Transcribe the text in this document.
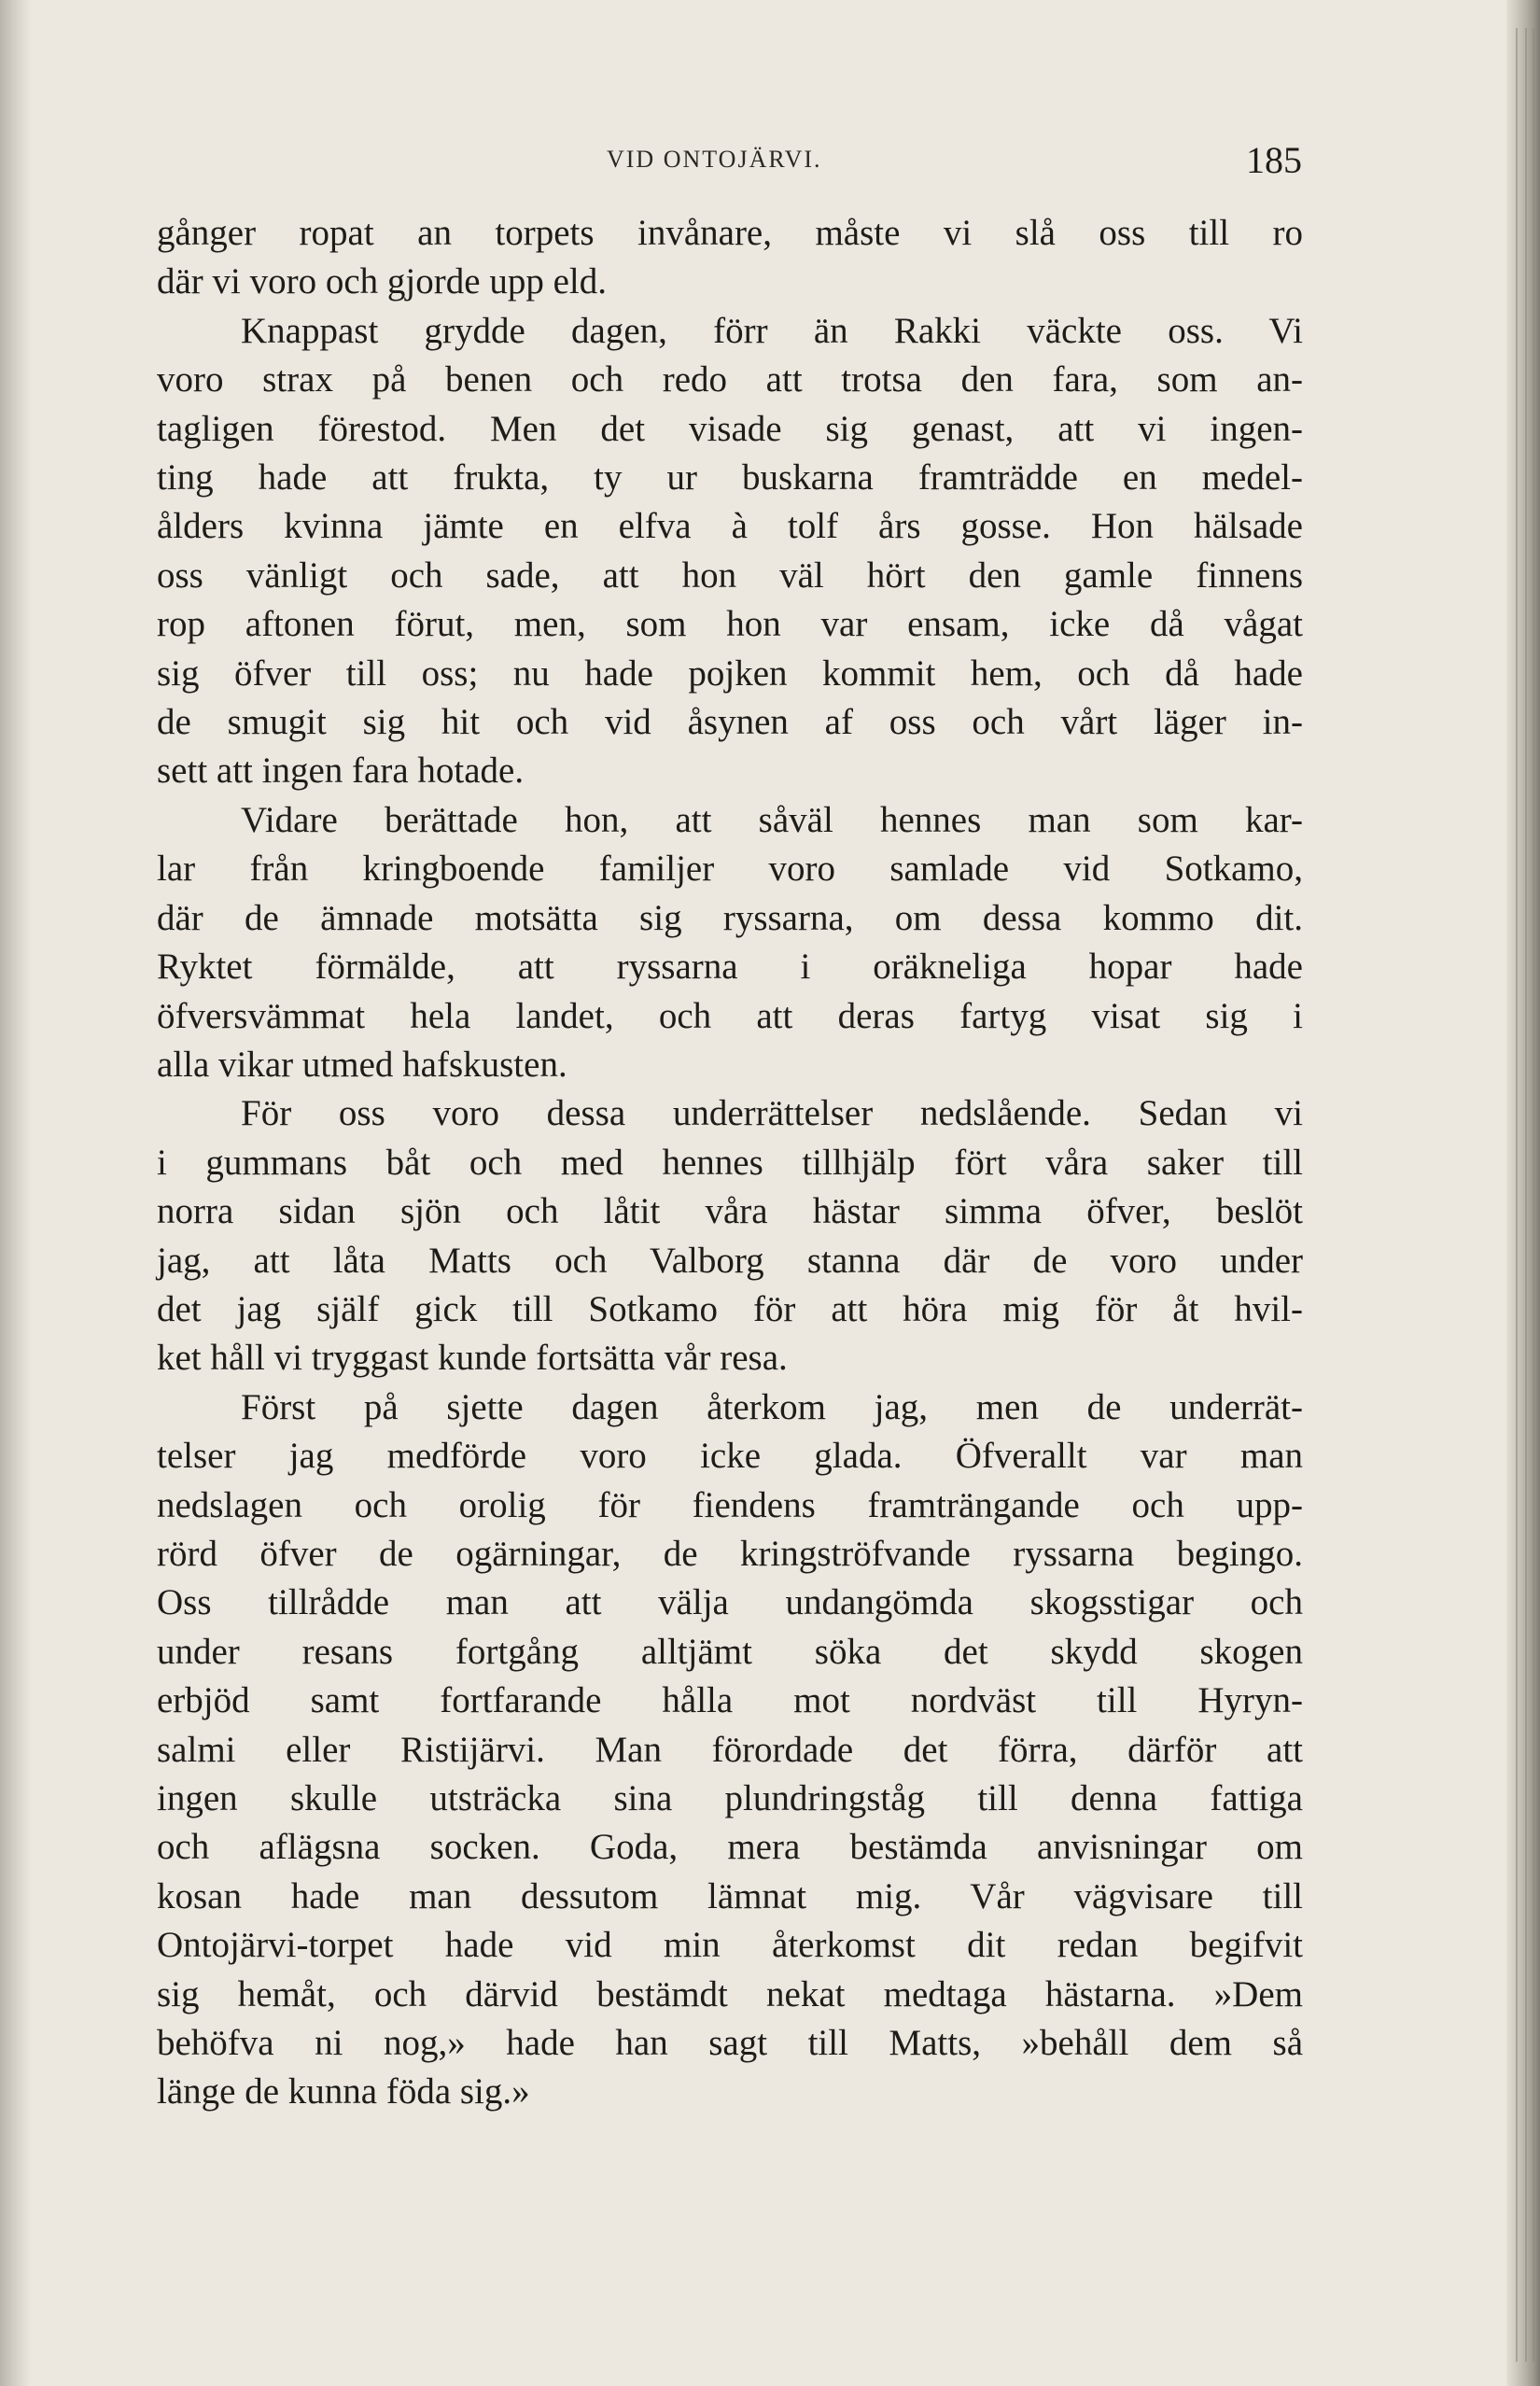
VID ONTOJÄRVI.	185

gånger ropat an torpets invånare, måste vi slå oss till ro

där vi voro och gjorde upp eld.

Knappast grydde dagen, förr än Rakki väckte oss. Vi

voro strax på benen och redo att trotsa den fara, som an-

tagligen förestod. Men det visade sig genast, att vi ingen-

ting hade att frukta, ty ur buskarna framträdde en medel-

ålders kvinna jämte en elfva à tolf års gosse. Hon hälsade

oss vänligt och sade, att hon väl hört den gamle finnens

rop aftonen förut, men, som hon var ensam, icke då vågat

sig öfver till oss; nu hade pojken kommit hem, och då hade

de smugit sig hit och vid åsynen af oss och vårt läger in-

sett att ingen fara hotade.

Vidare berättade hon, att såväl hennes man som kar-

lar från kringboende familjer voro samlade vid Sotkamo,

där de ämnade motsätta sig ryssarna, om dessa kommo dit.

Ryktet förmälde, att ryssarna i oräkneliga hopar hade

öfversvämmat hela landet, och att deras fartyg visat sig i

alla vikar utmed hafskusten.

För oss voro dessa underrättelser nedslående. Sedan vi

i gummans båt och med hennes tillhjälp fört våra saker till

norra sidan sjön och låtit våra hästar simma öfver, beslöt

jag, att låta Matts och Valborg stanna där de voro under

det jag själf gick till Sotkamo för att höra mig för åt hvil-

ket håll vi tryggast kunde fortsätta vår resa.

Först på sjette dagen återkom jag, men de underrät-

telser jag medförde voro icke glada. Öfverallt var man

nedslagen och orolig för fiendens framträngande och upp-

rörd öfver de ogärningar, de kringströfvande ryssarna begingo.

Oss tillrådde man att välja undangömda skogsstigar och

under resans fortgång alltjämt söka det skydd skogen

erbjöd samt fortfarande hålla mot nordväst till Hyryn-

salmi eller Ristijärvi. Man förordade det förra, därför att

ingen skulle utsträcka sina plundringståg till denna fattiga

och aflägsna socken. Goda, mera bestämda anvisningar om

kosan hade man dessutom lämnat mig. Vår vägvisare till

Ontojärvi-torpet hade vid min återkomst dit redan begifvit

sig hemåt, och därvid bestämdt nekat medtaga hästarna. »Dem

behöfva ni nog,» hade han sagt till Matts, »behåll dem så

länge de kunna föda sig.»
